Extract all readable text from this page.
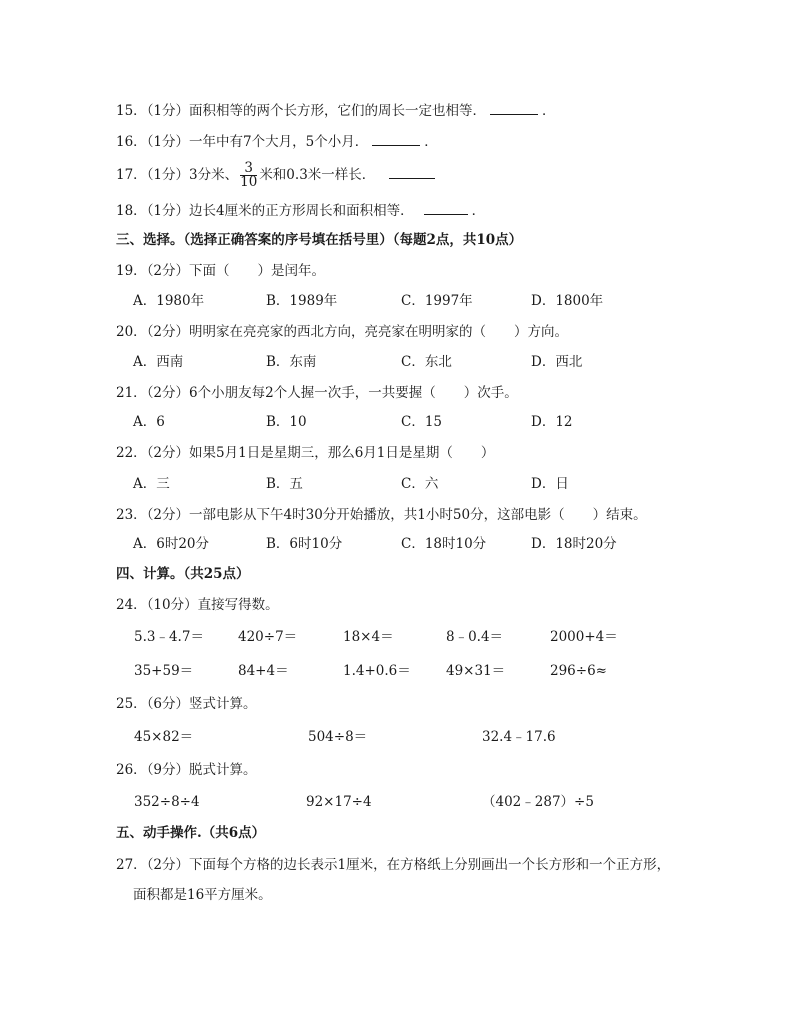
15．（1分）面积相等的两个长方形，它们的周长一定也相等．	．
16．（1分）一年中有7个大月，5个小月．	．
17．（1分）3分米、 $\frac{3}{10}$ 米和0.3米一样长．
18．（1分）边长4厘米的正方形周长和面积相等．	．
三、选择。（选择正确答案的序号填在括号里）（每题2点，共10点）
19．（2分）下面（ ）是闰年。
A．1980年	B．1989年	C．1997年	D．1800年
20．（2分）明明家在亮亮家的西北方向，亮亮家在明明家的（ ）方向。
A．西南	B．东南	C．东北	D．西北
21．（2分）6个小朋友每2个人握一次手，一共要握（ ）次手。
A．6	B．10	C．15	D．12
22．（2分）如果5月1日是星期三，那么6月1日是星期（ ）
A．三	B．五	C．六	D．日
23．（2分）一部电影从下午4时30分开始播放，共1小时50分，这部电影（ ）结束。
A．6时20分	B．6时10分	C．18时10分	D．18时20分
四、计算。（共25点）
24．（10分）直接写得数。
5.3﹣4.7＝	420÷7＝	18×4＝	8﹣0.4＝	2000+4＝
35+59＝	84+4＝	1.4+0.6＝	49×31＝	296÷6≈
25．（6分）竖式计算。
45×82＝	504÷8＝	32.4﹣17.6
26．（9分）脱式计算。
352÷8÷4	92×17÷4	（402﹣287）÷5
五、动手操作.（共6点）
27．（2分）下面每个方格的边长表示1厘米，在方格纸上分别画出一个长方形和一个正方形，
面积都是16平方厘米。
